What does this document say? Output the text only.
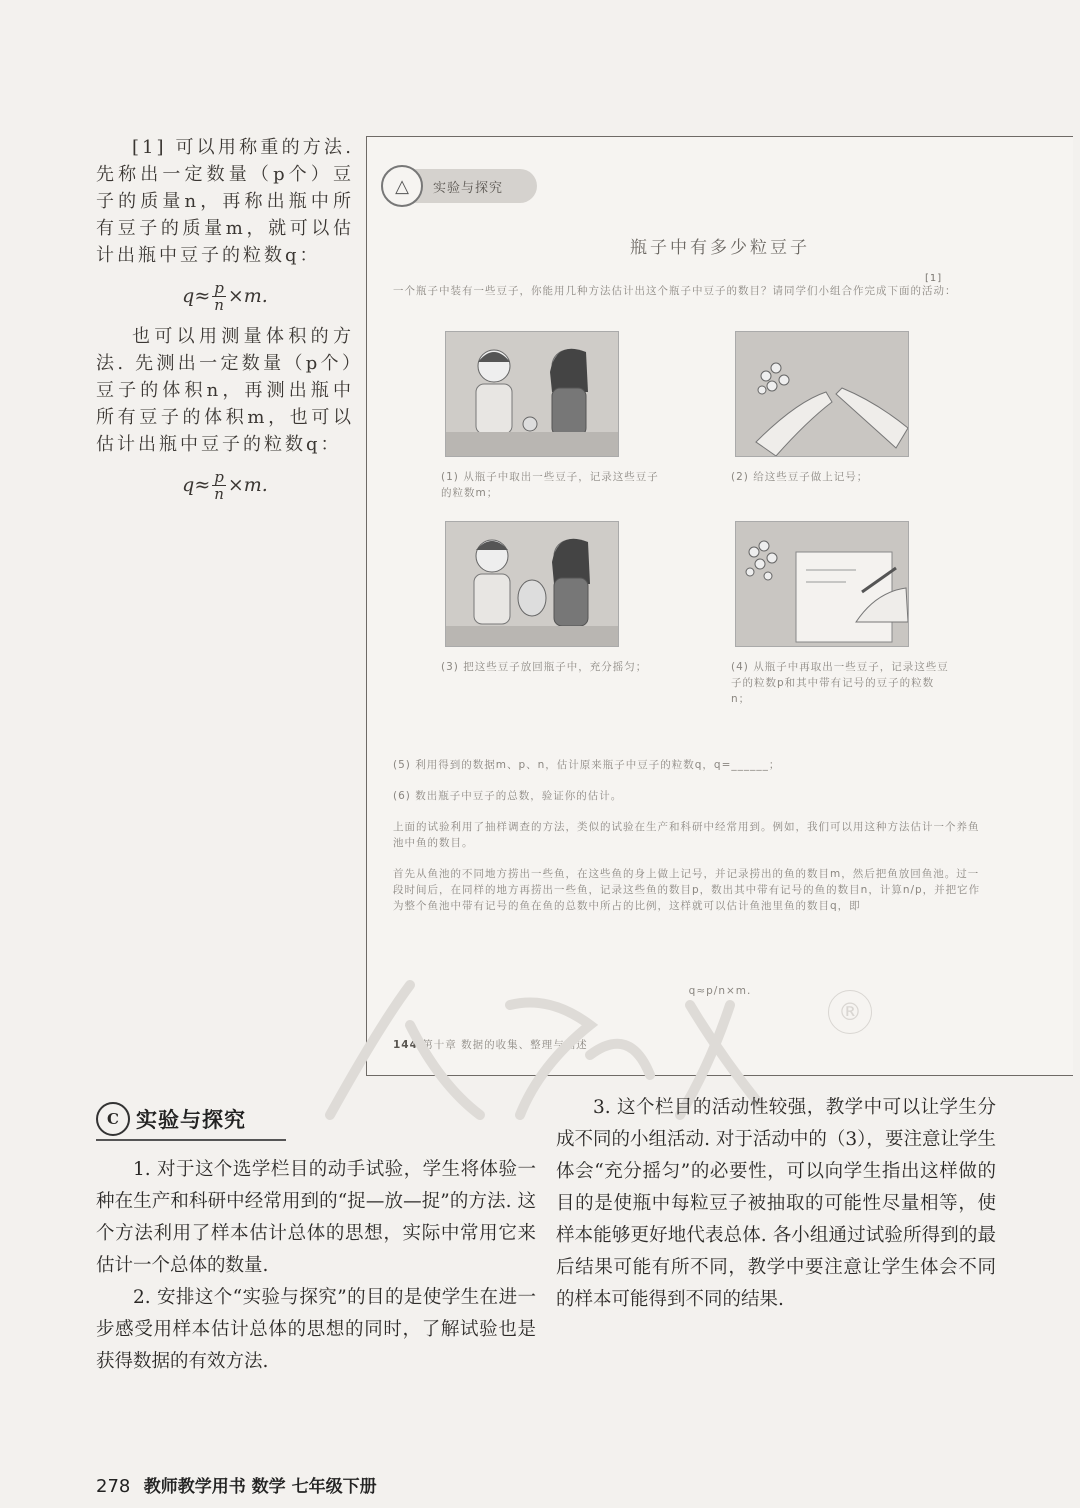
[1] 可以用称重的方法. 先称出一定数量（p个）豆子的质量n，再称出瓶中所有豆子的质量m，就可以估计出瓶中豆子的粒数q：

$q\approx \frac{p}{n} \times m$.

也可以用测量体积的方法. 先测出一定数量（p个）豆子的体积n，再测出瓶中所有豆子的体积m，也可以估计出瓶中豆子的粒数q：

$q\approx \frac{p}{n} \times m$.
△	实验与探究
瓶子中有多少粒豆子
[1]
一个瓶子中装有一些豆子，你能用几种方法估计出这个瓶子中豆子的数目？请同学们小组合作完成下面的活动：
(1) 从瓶子中取出一些豆子，记录这些豆子的粒数m；
(2) 给这些豆子做上记号；
(3) 把这些豆子放回瓶子中，充分摇匀；	(4) 从瓶子中再取出一些豆子，记录这些豆子的粒数p和其中带有记号的豆子的粒数n；

(5) 利用得到的数据m、p、n，估计原来瓶子中豆子的粒数q，q=______；

(6) 数出瓶子中豆子的总数，验证你的估计。

上面的试验利用了抽样调查的方法，类似的试验在生产和科研中经常用到。例如，我们可以用这种方法估计一个养鱼池中鱼的数目。

首先从鱼池的不同地方捞出一些鱼，在这些鱼的身上做上记号，并记录捞出的鱼的数目m，然后把鱼放回鱼池。过一段时间后，在同样的地方再捞出一些鱼，记录这些鱼的数目p，数出其中带有记号的鱼的数目n，计算n/p，并把它作为整个鱼池中带有记号的鱼在鱼的总数中所占的比例，这样就可以估计鱼池里鱼的数目q，即

q≈p/n×m.
144 第十章 数据的收集、整理与描述
®
C 实验与探究

1. 对于这个选学栏目的动手试验，学生将体验一种在生产和科研中经常用到的“捉—放—捉”的方法. 这个方法利用了样本估计总体的思想，实际中常用它来估计一个总体的数量.

2. 安排这个“实验与探究”的目的是使学生在进一步感受用样本估计总体的思想的同时，了解试验也是获得数据的有效方法.

3. 这个栏目的活动性较强，教学中可以让学生分成不同的小组活动. 对于活动中的（3），要注意让学生体会“充分摇匀”的必要性，可以向学生指出这样做的目的是使瓶中每粒豆子被抽取的可能性尽量相等，使样本能够更好地代表总体. 各小组通过试验所得到的最后结果可能有所不同，教学中要注意让学生体会不同的样本可能得到不同的结果.

278 教师教学用书 数学 七年级下册
